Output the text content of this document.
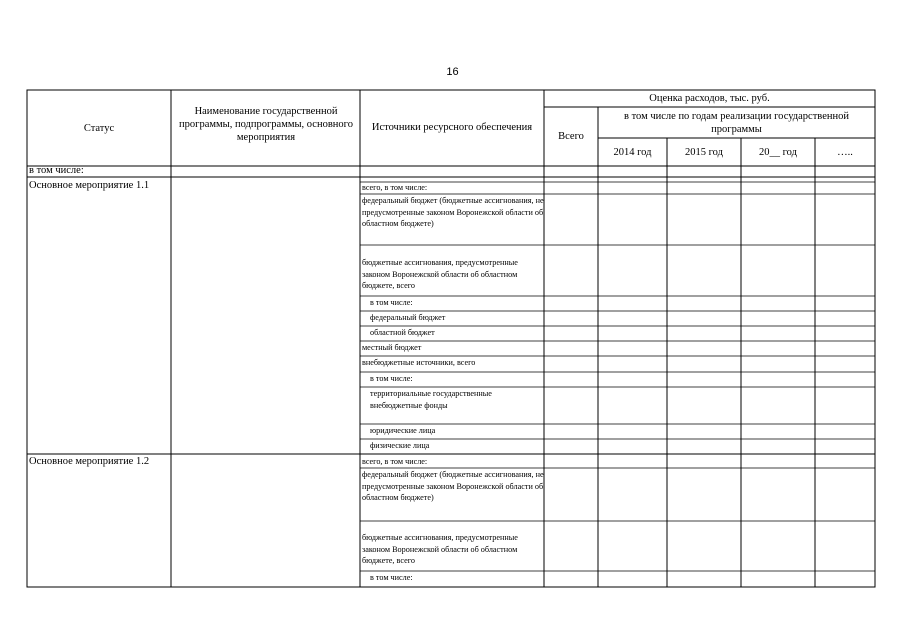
16
Статус
Наименование государственной программы, подпрограммы, основного мероприятия
Источники ресурсного обеспечения
Оценка расходов, тыс. руб.
Всего
в том числе по годам реализации государственной программы
2014 год	2015 год	20__ год	…..
в том числе:
Основное мероприятие 1.1	всего, в том числе:
федеральный бюджет (бюджетные ассигнования, не предусмотренные законом Воронежской области об областном бюджете)
бюджетные ассигнования, предусмотренные законом Воронежской области об областном бюджете, всего
в том числе:
федеральный бюджет
областной бюджет
местный бюджет
внебюджетные источники, всего
в том числе:
территориальные государственные внебюджетные фонды
юридические лица
физические лица
Основное мероприятие 1.2	всего, в том числе:
федеральный бюджет (бюджетные ассигнования, не предусмотренные законом Воронежской области об областном бюджете)
бюджетные ассигнования, предусмотренные законом Воронежской области об областном бюджете, всего
в том числе:
